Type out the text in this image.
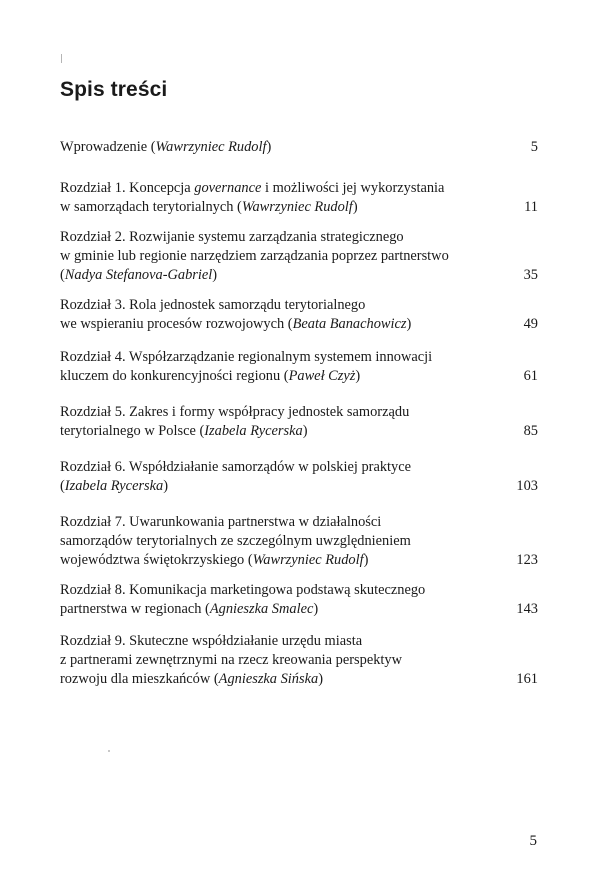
Spis treści
Wprowadzenie (Wawrzyniec Rudolf)	5
Rozdział 1. Koncepcja governance i możliwości jej wykorzystania
w samorządach terytorialnych (Wawrzyniec Rudolf)	11
Rozdział 2. Rozwijanie systemu zarządzania strategicznego
w gminie lub regionie narzędziem zarządzania poprzez partnerstwo
(Nadya Stefanova-Gabriel)	35
Rozdział 3. Rola jednostek samorządu terytorialnego
we wspieraniu procesów rozwojowych (Beata Banachowicz)	49
Rozdział 4. Współzarządzanie regionalnym systemem innowacji
kluczem do konkurencyjności regionu (Paweł Czyż)	61
Rozdział 5. Zakres i formy współpracy jednostek samorządu
terytorialnego w Polsce (Izabela Rycerska)	85
Rozdział 6. Współdziałanie samorządów w polskiej praktyce
(Izabela Rycerska)	103
Rozdział 7. Uwarunkowania partnerstwa w działalności
samorządów terytorialnych ze szczególnym uwzględnieniem
województwa świętokrzyskiego (Wawrzyniec Rudolf)	123
Rozdział 8. Komunikacja marketingowa podstawą skutecznego
partnerstwa w regionach (Agnieszka Smalec)	143
Rozdział 9. Skuteczne współdziałanie urzędu miasta
z partnerami zewnętrznymi na rzecz kreowania perspektyw
rozwoju dla mieszkańców (Agnieszka Sińska)	161
5
